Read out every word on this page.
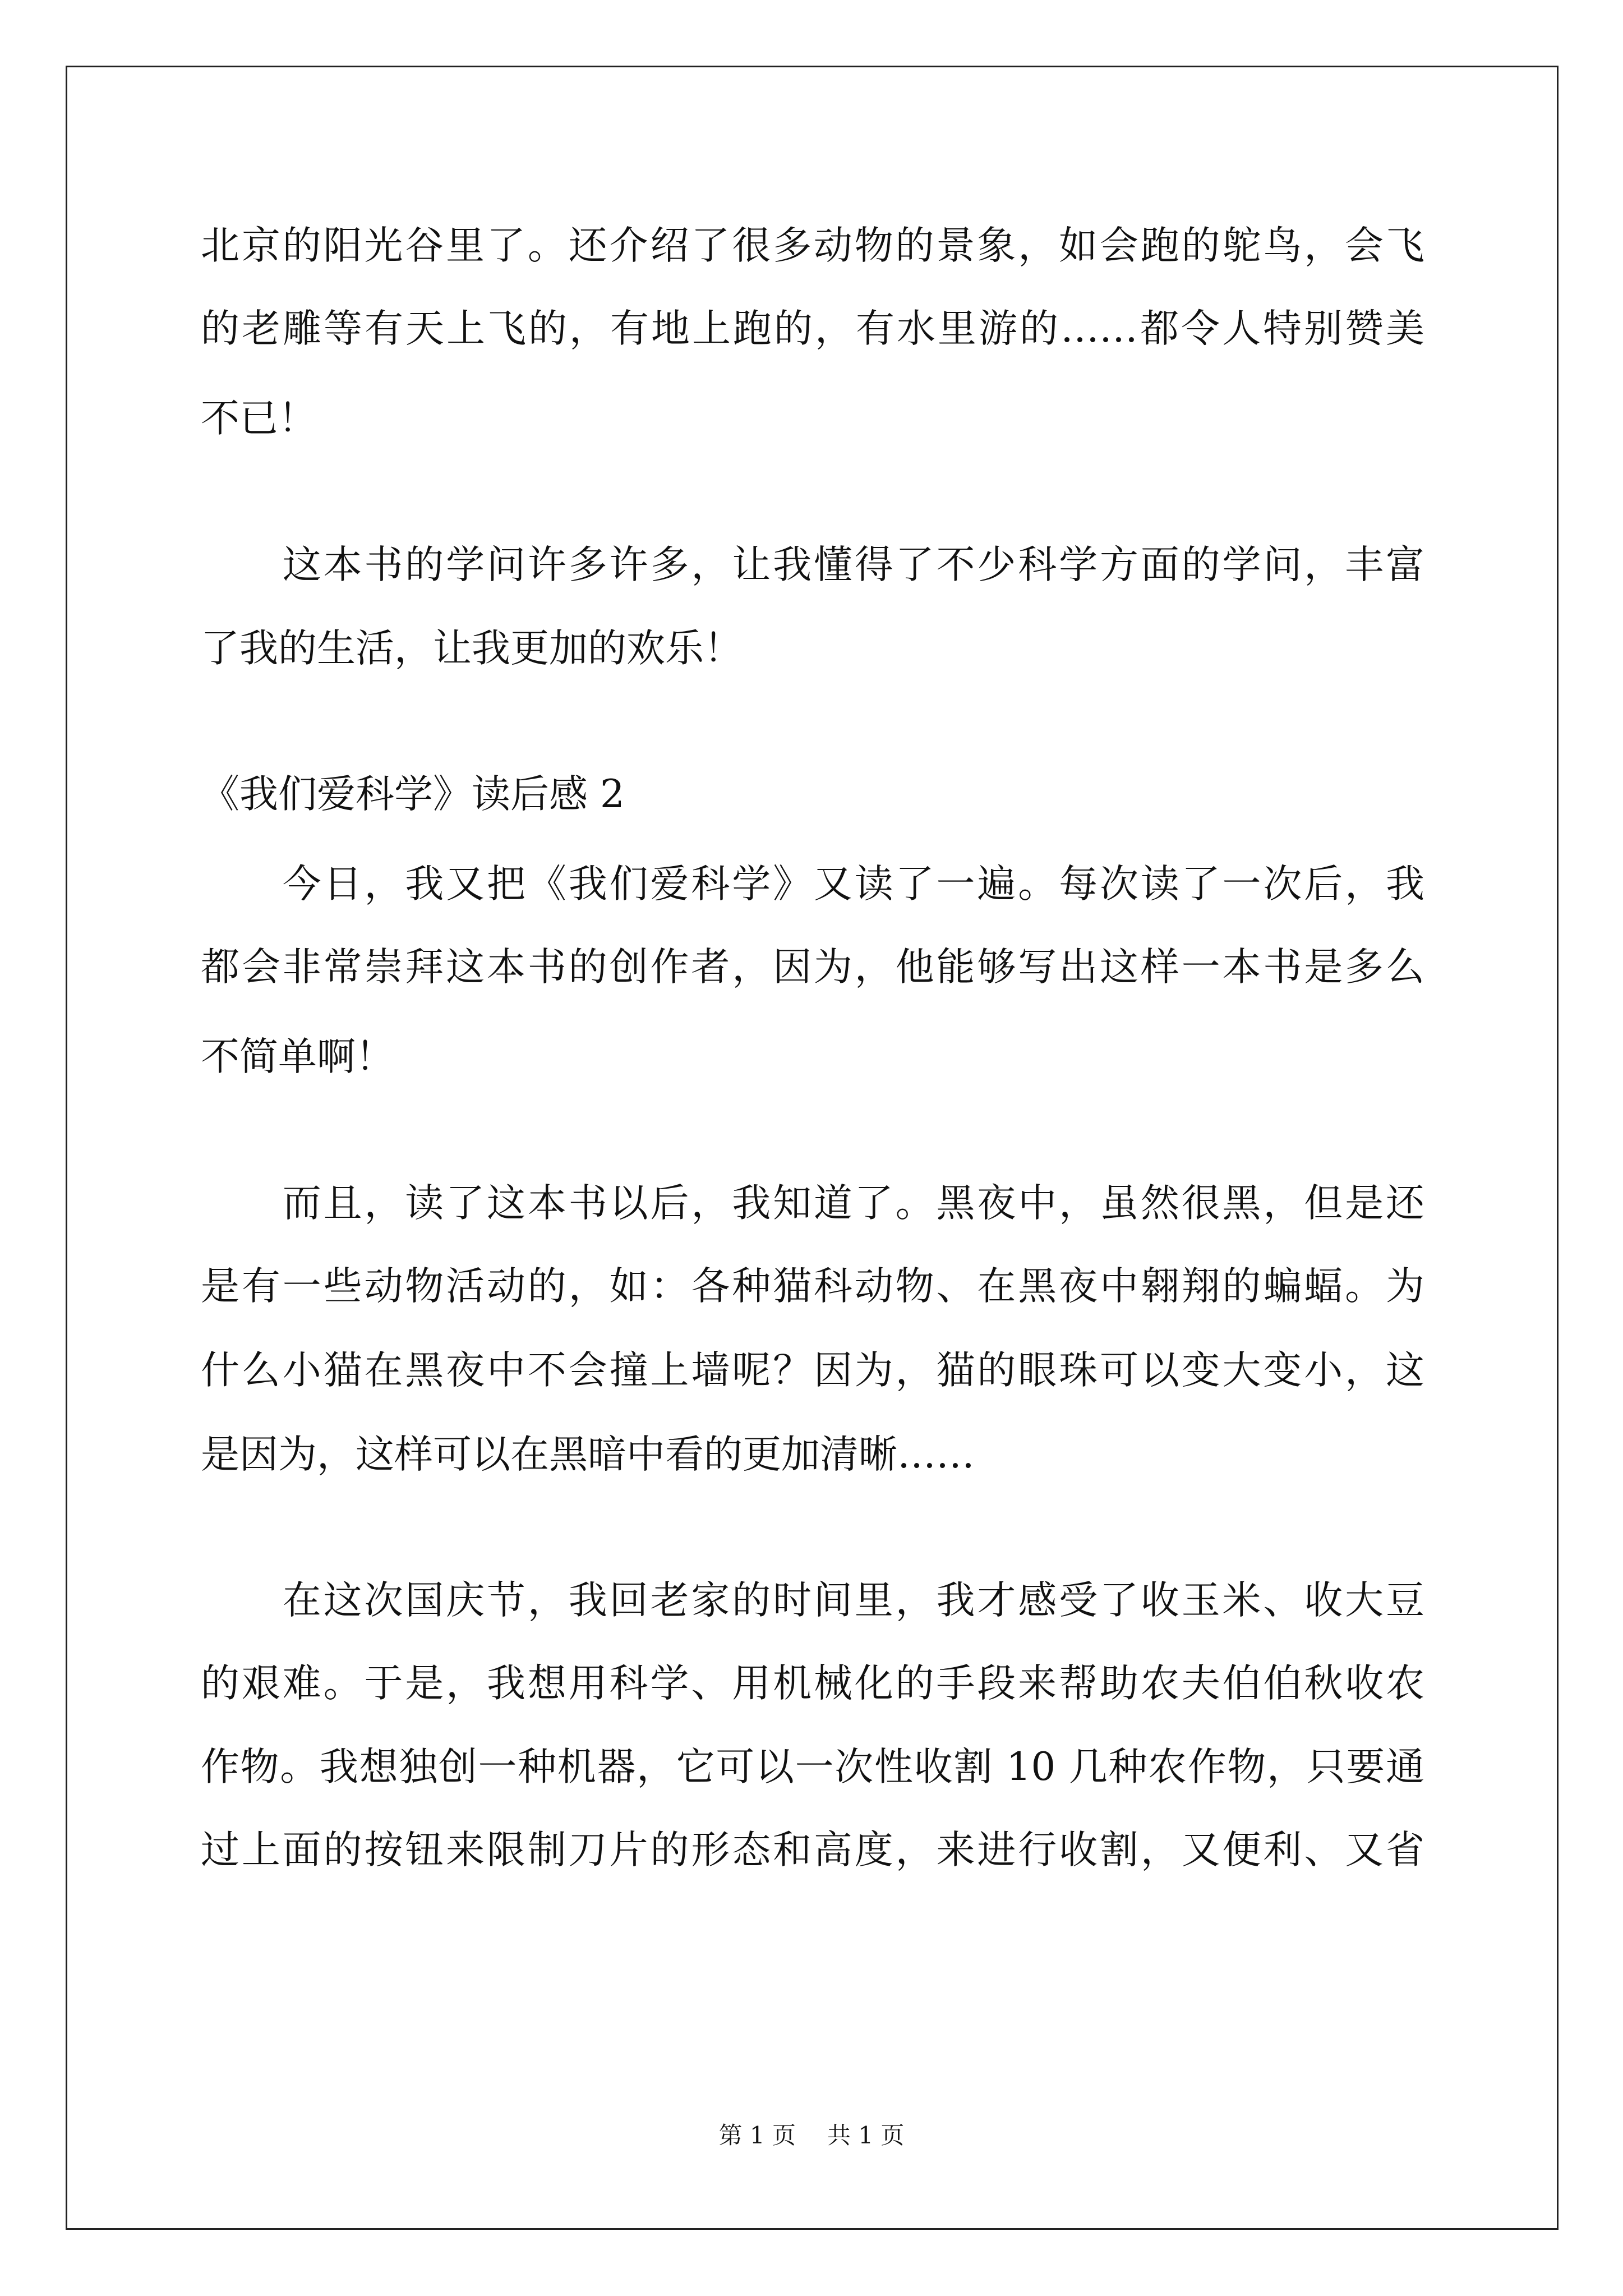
北京的阳光谷里了。还介绍了很多动物的景象，如会跑的鸵鸟，会飞
的老雕等有天上飞的，有地上跑的，有水里游的……都令人特别赞美
不已！
　　这本书的学问许多许多，让我懂得了不少科学方面的学问，丰富
了我的生活，让我更加的欢乐！
《我们爱科学》读后感 2
　　今日，我又把《我们爱科学》又读了一遍。每次读了一次后，我
都会非常崇拜这本书的创作者，因为，他能够写出这样一本书是多么
不简单啊！
　　而且，读了这本书以后，我知道了。黑夜中，虽然很黑，但是还
是有一些动物活动的，如：各种猫科动物、在黑夜中翱翔的蝙蝠。为
什么小猫在黑夜中不会撞上墙呢？因为，猫的眼珠可以变大变小，这
是因为，这样可以在黑暗中看的更加清晰……
　　在这次国庆节，我回老家的时间里，我才感受了收玉米、收大豆
的艰难。于是，我想用科学、用机械化的手段来帮助农夫伯伯秋收农
作物。我想独创一种机器，它可以一次性收割 10 几种农作物，只要通
过上面的按钮来限制刀片的形态和高度，来进行收割，又便利、又省
第 1 页 共 1 页
